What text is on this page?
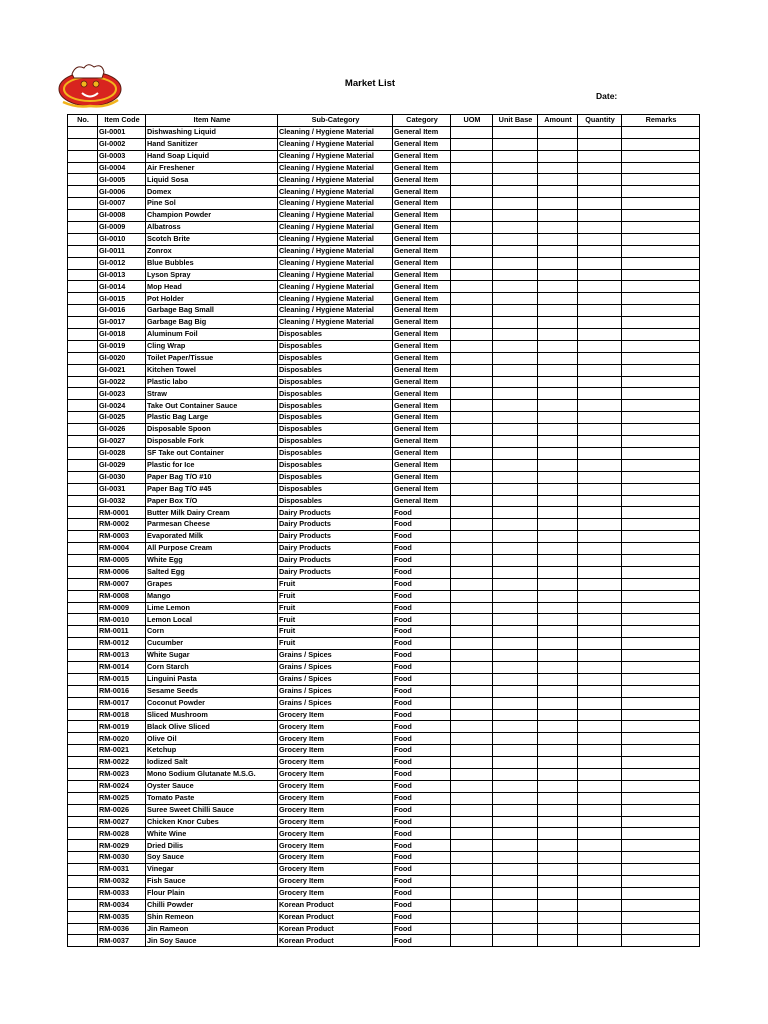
Market List
Date:
No.	Item Code	Item Name	Sub-Category	Category	UOM	Unit Base	Amount	Quantity	Remarks
	GI-0001	Dishwashing Liquid	Cleaning / Hygiene Material	General Item					
	GI-0002	Hand Sanitizer	Cleaning / Hygiene Material	General Item					
	GI-0003	Hand Soap Liquid	Cleaning / Hygiene Material	General Item					
	GI-0004	Air Freshener	Cleaning / Hygiene Material	General Item					
	GI-0005	Liquid Sosa	Cleaning / Hygiene Material	General Item					
	GI-0006	Domex	Cleaning / Hygiene Material	General Item					
	GI-0007	Pine Sol	Cleaning / Hygiene Material	General Item					
	GI-0008	Champion Powder	Cleaning / Hygiene Material	General Item					
	GI-0009	Albatross	Cleaning / Hygiene Material	General Item					
	GI-0010	Scotch Brite	Cleaning / Hygiene Material	General Item					
	GI-0011	Zonrox	Cleaning / Hygiene Material	General Item					
	GI-0012	Blue Bubbles	Cleaning / Hygiene Material	General Item					
	GI-0013	Lyson Spray	Cleaning / Hygiene Material	General Item					
	GI-0014	Mop Head	Cleaning / Hygiene Material	General Item					
	GI-0015	Pot Holder	Cleaning / Hygiene Material	General Item					
	GI-0016	Garbage Bag Small	Cleaning / Hygiene Material	General Item					
	GI-0017	Garbage Bag Big	Cleaning / Hygiene Material	General Item					
	GI-0018	Aluminum Foil	Disposables	General Item					
	GI-0019	Cling Wrap	Disposables	General Item					
	GI-0020	Toilet Paper/Tissue	Disposables	General Item					
	GI-0021	Kitchen Towel	Disposables	General Item					
	GI-0022	Plastic labo	Disposables	General Item					
	GI-0023	Straw	Disposables	General Item					
	GI-0024	Take Out Container Sauce	Disposables	General Item					
	GI-0025	Plastic Bag Large	Disposables	General Item					
	GI-0026	Disposable Spoon	Disposables	General Item					
	GI-0027	Disposable Fork	Disposables	General Item					
	GI-0028	SF Take out Container	Disposables	General Item					
	GI-0029	Plastic for Ice	Disposables	General Item					
	GI-0030	Paper Bag T/O #10	Disposables	General Item					
	GI-0031	Paper Bag T/O #45	Disposables	General Item					
	GI-0032	Paper Box T/O	Disposables	General Item					
	RM-0001	Butter Milk Dairy Cream	Dairy Products	Food					
	RM-0002	Parmesan Cheese	Dairy Products	Food					
	RM-0003	Evaporated Milk	Dairy Products	Food					
	RM-0004	All Purpose Cream	Dairy Products	Food					
	RM-0005	White Egg	Dairy Products	Food					
	RM-0006	Salted Egg	Dairy Products	Food					
	RM-0007	Grapes	Fruit	Food					
	RM-0008	Mango	Fruit	Food					
	RM-0009	Lime Lemon	Fruit	Food					
	RM-0010	Lemon Local	Fruit	Food					
	RM-0011	Corn	Fruit	Food					
	RM-0012	Cucumber	Fruit	Food					
	RM-0013	White Sugar	Grains / Spices	Food					
	RM-0014	Corn Starch	Grains / Spices	Food					
	RM-0015	Linguini Pasta	Grains / Spices	Food					
	RM-0016	Sesame Seeds	Grains / Spices	Food					
	RM-0017	Coconut Powder	Grains / Spices	Food					
	RM-0018	Sliced Mushroom	Grocery Item	Food					
	RM-0019	Black Olive Sliced	Grocery Item	Food					
	RM-0020	Olive Oil	Grocery Item	Food					
	RM-0021	Ketchup	Grocery Item	Food					
	RM-0022	Iodized Salt	Grocery Item	Food					
	RM-0023	Mono Sodium Glutanate M.S.G.	Grocery Item	Food					
	RM-0024	Oyster Sauce	Grocery Item	Food					
	RM-0025	Tomato Paste	Grocery Item	Food					
	RM-0026	Suree Sweet Chilli Sauce	Grocery Item	Food					
	RM-0027	Chicken Knor Cubes	Grocery Item	Food					
	RM-0028	White Wine	Grocery Item	Food					
	RM-0029	Dried Dilis	Grocery Item	Food					
	RM-0030	Soy Sauce	Grocery Item	Food					
	RM-0031	Vinegar	Grocery Item	Food					
	RM-0032	Fish Sauce	Grocery Item	Food					
	RM-0033	Flour Plain	Grocery Item	Food					
	RM-0034	Chilli Powder	Korean Product	Food					
	RM-0035	Shin Remeon	Korean Product	Food					
	RM-0036	Jin Rameon	Korean Product	Food					
	RM-0037	Jin Soy Sauce	Korean Product	Food					
